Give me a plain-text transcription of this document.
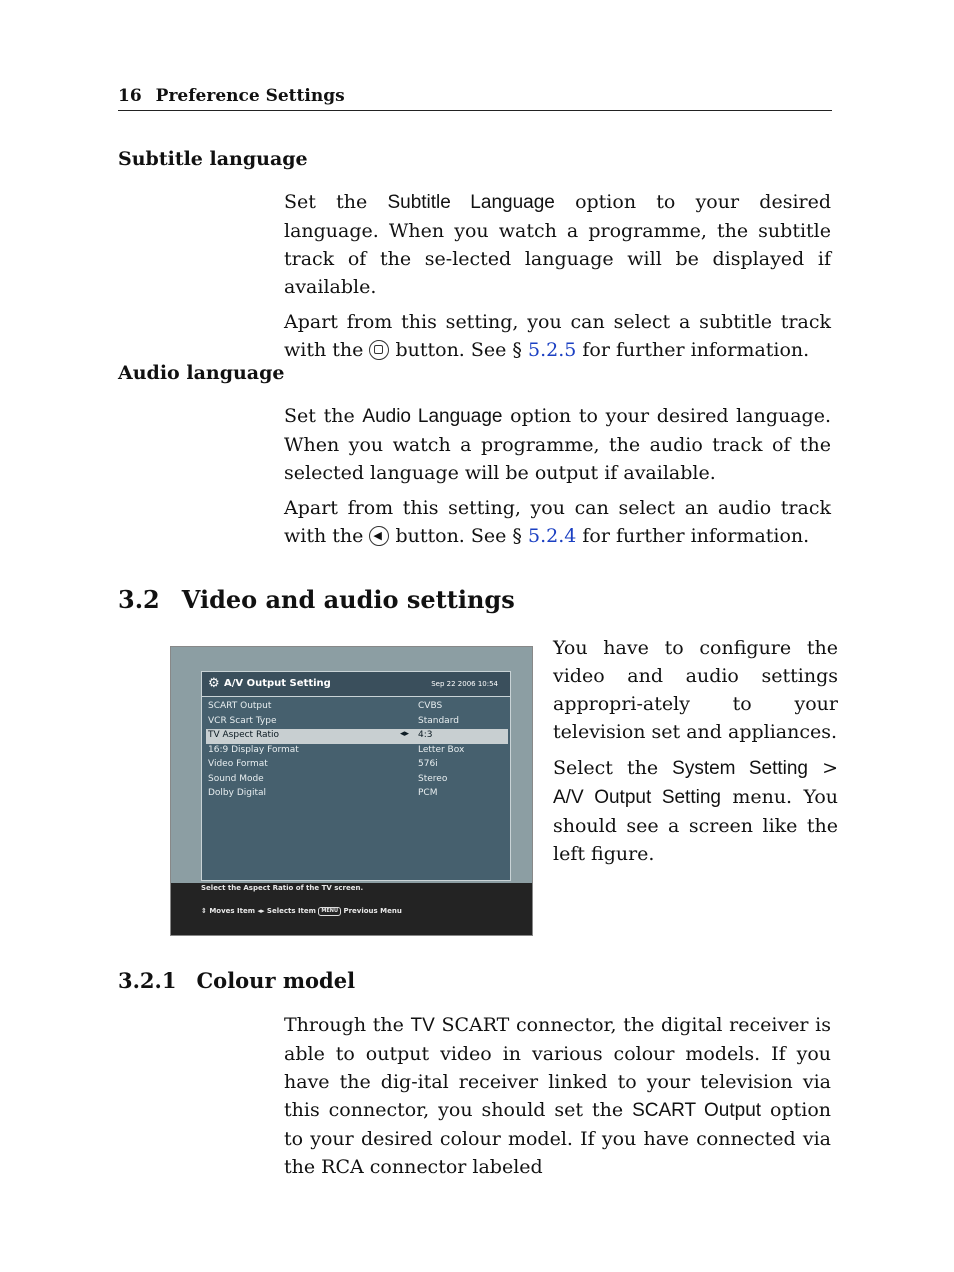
16 Preference Settings
Subtitle language

Set the Subtitle Language option to your desired language. When you watch a programme, the subtitle track of the se-lected language will be displayed if available.

Apart from this setting, you can select a subtitle track with the
button. See § 5.2.5 for further information.

Audio language

Set the Audio Language option to your desired language. When you watch a programme, the audio track of the selected language will be output if available.

Apart from this setting, you can select an audio track with the ◀ button. See § 5.2.4 for further information.

3.2 Video and audio settings
⚙ A/V Output Setting	Sep 22 2006 10:54
SCART Output	CVBS
VCR Scart Type	Standard
TV Aspect Ratio	◂▸ 4:3
16:9 Display Format	Letter Box
Video Format	576i
Sound Mode	Stereo
Dolby Digital	PCM
Select the Aspect Ratio of the TV screen.
⇕ Moves Item ◂▸ Selects Item MENU Previous Menu

You have to configure the video and audio settings appropri-ately to your television set and appliances.

Select the System Setting > A/V Output Setting menu. You should see a screen like the left figure.

3.2.1 Colour model

Through the TV SCART connector, the digital receiver is able to output video in various colour models. If you have the dig-ital receiver linked to your television via this connector, you should set the SCART Output option to your desired colour model. If you have connected via the RCA connector labeled
